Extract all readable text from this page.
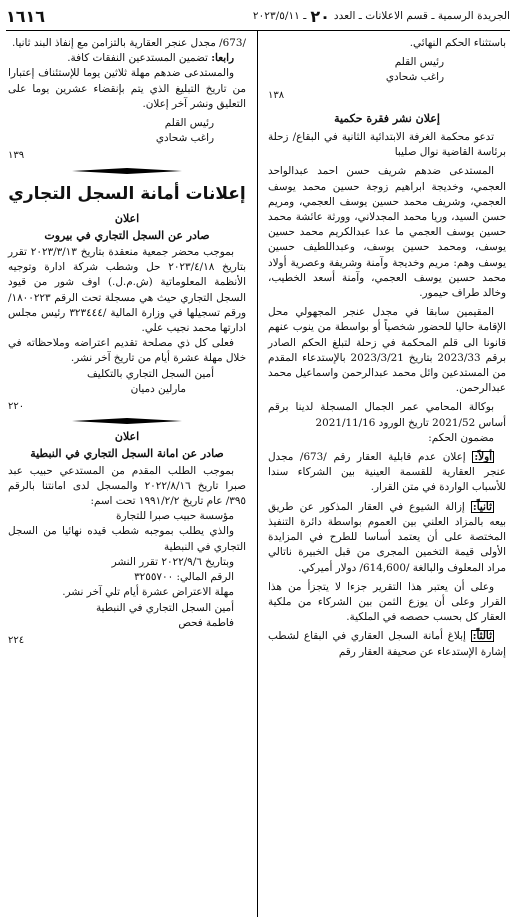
الجريدة الرسمية ـ قسم الاعلانات ـ العدد
٢٠
ـ ٢٠٢٣/٥/١١
١٦١٦

باستثناء الحكم النهائي.

رئيس القلم

راغب شحادي

١٣٨

إعلان نشر فقرة حكمية

تدعو محكمة الغرفة الابتدائية الثانية في البقاع/ زحلة برئاسة القاضية نوال صليبا

المستدعى ضدهم شريف حسن احمد عبدالواحد العجمي، وخديجة ابراهيم زوجة حسين محمد يوسف العجمي، وشريف محمد حسين يوسف العجمي، ومريم حسن السيد، وريا محمد المجدلاني، وورثة عائشة محمد حسين يوسف العجمي ما عدا عبدالكريم محمد حسين يوسف، ومحمد حسين يوسف، وعبداللطيف حسين يوسف وهم: مريم وخديجة وآمنة وشريفة وعصرية أولاد محمد حسين يوسف العجمي، وآمنة أسعد الخطيب، وخالد طراف حيمور.

المقيمين سابقا في مجدل عنجر المجهولي محل الإقامة حاليا للحضور شخصياً أو بواسطة من ينوب عنهم قانونا الى قلم المحكمة في زحلة لتبلغ الحكم الصادر برقم 2023/33 بتاريخ 2023/3/21 بالإستدعاء المقدم من المستدعين وائل محمد عبدالرحمن واسماعيل محمد عبدالرحمن.

بوكالة المحامي عمر الجمال المسجلة لدينا برقم أساس 2021/52 تاريخ الورود 2021/11/16

مضمون الحكم:

أولاً: إعلان عدم قابلية العقار رقم /673/ مجدل عنجر العقارية للقسمة العينية بين الشركاء سندا للأسباب الواردة في متن القرار.

ثانياً: إزالة الشيوع في العقار المذكور عن طريق بيعه بالمزاد العلني بين العموم بواسطة دائرة التنفيذ المختصة على أن يعتمد أساسا للطرح في المزايدة الأولى قيمة التخمين المجرى من قبل الخبيرة ناتالي مراد المعلوف والبالغة /614,600/ دولار أميركي.

وعلى أن يعتبر هذا التقرير جزءا لا يتجزأ من هذا القرار وعلى أن يوزع الثمن بين الشركاء من ملكية العقار كل بحسب حصصه في الملكية.

ثالثاً: إبلاغ أمانة السجل العقاري في البقاع لشطب إشارة الإستدعاء عن صحيفة العقار رقم

/673/ مجدل عنجر العقارية بالتزامن مع إنفاذ البند ثانيا.

رابعا: تضمين المستدعين النفقات كافة.

والمستدعى ضدهم مهلة ثلاثين يوما للإستئناف إعتبارا من تاريخ التبليغ الذي يتم بإنقضاء عشرين يوما على التعليق ونشر آخر إعلان.

رئيس القلم

راغب شحادي

١٣٩

إعلانات أمانة السجل التجاري
اعلان
صادر عن السجل التجاري في بيروت

بموجب محضر جمعية منعقدة بتاريخ ٢٠٢٣/٣/١٣ تقرر بتاريخ ٢٠٢٣/٤/١٨ حل وشطب شركة ادارة وتوجيه الأنظمة المعلوماتية (ش.م.ل.) اوف شور من قيود السجل التجاري حيث هي مسجلة تحت الرقم ١٨٠٠٢٢٣/ ورقم تسجيلها في وزارة المالية /٣٢٣٤٤٤ رئيس مجلس ادارتها محمد نجيب علي.

فعلى كل ذي مصلحة تقديم اعتراضه وملاحظاته في خلال مهلة عشرة أيام من تاريخ آخر نشر.

أمين السجل التجاري بالتكليف

مارلين دميان

٢٢٠

اعلان
صادر عن امانة السجل التجاري في النبطية

بموجب الطلب المقدم من المستدعي حبيب عبد صبرا تاريخ ٢٠٢٢/٨/١٦ والمسجل لدى امانتنا بالرقم ٣٩٥/ عام تاريخ ١٩٩١/٢/٢ تحت اسم:

مؤسسة حبيب صبرا للتجارة

والذي يطلب بموجبه شطب قيده نهائيا من السجل التجاري في النبطية

وبتاريخ ٢٠٢٢/٩/٦ تقرر النشر

الرقم المالي: ٣٢٥٥٧٠٠

مهلة الاعتراض عشرة أيام تلي آخر نشر.

أمين السجل التجاري في النبطية

فاطمة فحص

٢٢٤
